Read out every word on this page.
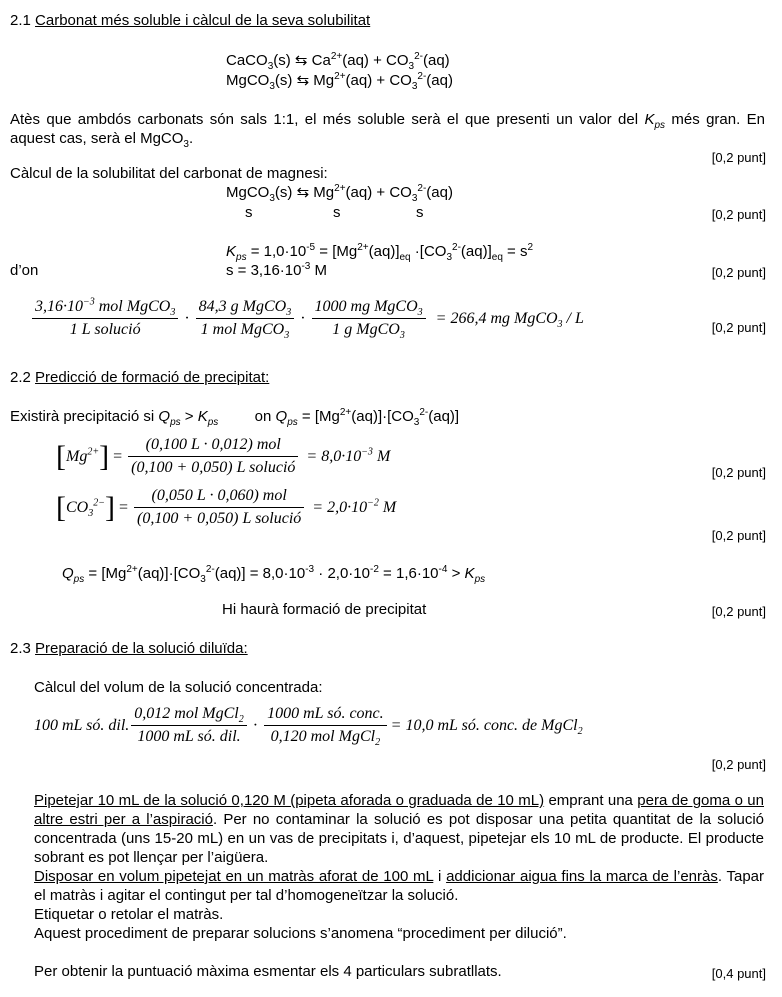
2.1 Carbonat més soluble i càlcul de la seva solubilitat
CaCO$_3$(s) ⇆ $Ca^{2+}(aq) + CO_3^{2-}(aq)$
MgCO$_3$(s) ⇆ $Mg^{2+}(aq) + CO_3^{2-}(aq)$
Atès que ambdós carbonats són sals 1:1, el més soluble serà el que presenti un valor del $K_{ps}$ més gran. En aquest cas, serà el MgCO$_3$.
[0,2 punt]
Càlcul de la solubilitat del carbonat de magnesi:
MgCO$_3$(s) ⇆ $Mg^{2+}(aq) + CO_3^{2-}(aq)$
s	s	s	[0,2 punt]
$K_{ps} = 1,0\cdot 10^{-5} = [Mg^{2+}(aq)]_{eq} \cdot[CO_3^{2-}(aq)]_{eq} = s^2$
d’on	$s = 3,16\cdot 10^{-3}$ M	[0,2 punt]
$\frac{3,16\cdot 10^{-3} mol MgCO_3}{\text{1 L solució}} \cdot \frac{84,3 g MgCO_3}{1 mol MgCO_3} \cdot \frac{1000 mg MgCO_3}{1 g MgCO_3} = 266,4$ mg MgCO$_3$ / L
[0,2 punt]
2.2 Predicció de formació de precipitat:
Existirà precipitació si $Q_{ps} > K_{ps}$ on $Q_{ps} = [Mg^{2+}(aq)]\cdot[CO_3^{2-}(aq)]$
[ $Mg^{2+}$ ] = $\frac{\text{(0,100 L · 0,012) mol}}{\text{(0,100 + 0,050) L solució}} = 8,0\cdot 10^{-3}$ M
[0,2 punt]
[ $CO_3^{2-}$ ] = $\frac{\text{(0,050 L · 0,060) mol}}{\text{(0,100 + 0,050) L solució}} = 2,0\cdot 10^{-2}$ M
[0,2 punt]
$Q_{ps} = [Mg^{2+}(aq)]\cdot[CO_3^{2-}(aq)] = 8,0\cdot 10^{-3} \cdot 2,0\cdot 10^{-2} = 1,6\cdot 10^{-4} > K_{ps}$
Hi haurà formació de precipitat	[0,2 punt]
2.3 Preparació de la solució diluïda:
Càlcul del volum de la solució concentrada:
100 mL só. dil. $\frac{0,012 mol MgCl_2}{\text{1000 mL só. dil.}} \cdot \frac{\text{1000 mL só. conc.}}{0,120 mol MgCl_2} = 10,0$ mL só. conc. de MgCl$_2$
[0,2 punt]

Pipetejar 10 mL de la solució 0,120 M (pipeta aforada o graduada de 10 mL) emprant una pera de goma o un altre estri per a l’aspiració. Per no contaminar la solució es pot disposar una petita quantitat de la solució concentrada (uns 15-20 mL) en un vas de precipitats i, d’aquest, pipetejar els 10 mL de producte. El producte sobrant es pot llençar per l’aigüera.

Disposar en volum pipetejat en un matràs aforat de 100 mL i addicionar aigua fins la marca de l’enràs. Tapar el matràs i agitar el contingut per tal d’homogeneïtzar la solució.

Etiquetar o retolar el matràs.

Aquest procediment de preparar solucions s’anomena “procediment per dilució”.

Per obtenir la puntuació màxima esmentar els 4 particulars subratllats.	[0,4 punt]
